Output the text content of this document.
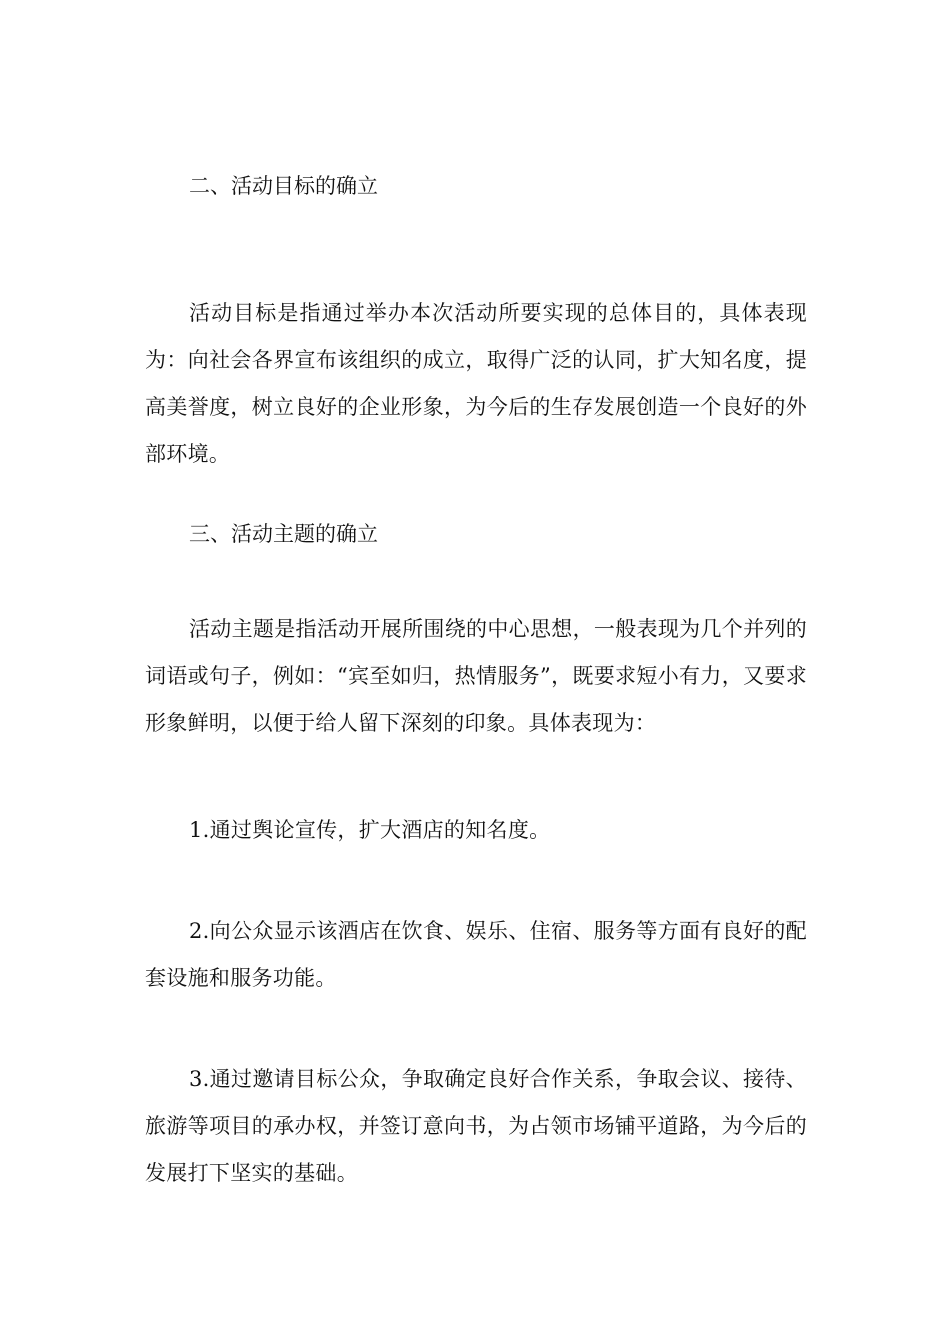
二、活动目标的确立
活动目标是指通过举办本次活动所要实现的总体目的，具体表现为：向社会各界宣布该组织的成立，取得广泛的认同，扩大知名度，提高美誉度，树立良好的企业形象，为今后的生存发展创造一个良好的外部环境。
三、活动主题的确立
活动主题是指活动开展所围绕的中心思想，一般表现为几个并列的词语或句子，例如：“宾至如归，热情服务”，既要求短小有力，又要求形象鲜明，以便于给人留下深刻的印象。具体表现为：
1.通过舆论宣传，扩大酒店的知名度。
2.向公众显示该酒店在饮食、娱乐、住宿、服务等方面有良好的配套设施和服务功能。
3.通过邀请目标公众，争取确定良好合作关系，争取会议、接待、旅游等项目的承办权，并签订意向书，为占领市场铺平道路，为今后的发展打下坚实的基础。
